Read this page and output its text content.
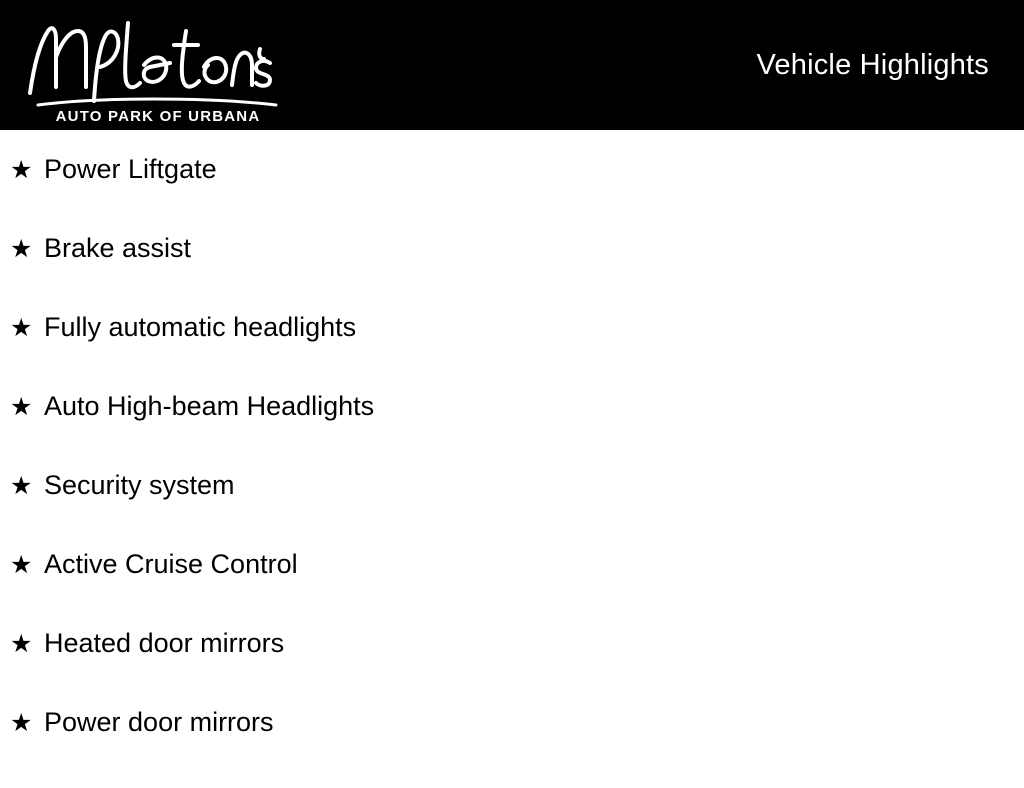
AUTO PARK OF URBANA
Vehicle Highlights
★ Power Liftgate
★ Brake assist
★ Fully automatic headlights
★ Auto High-beam Headlights
★ Security system
★ Active Cruise Control
★ Heated door mirrors
★ Power door mirrors
